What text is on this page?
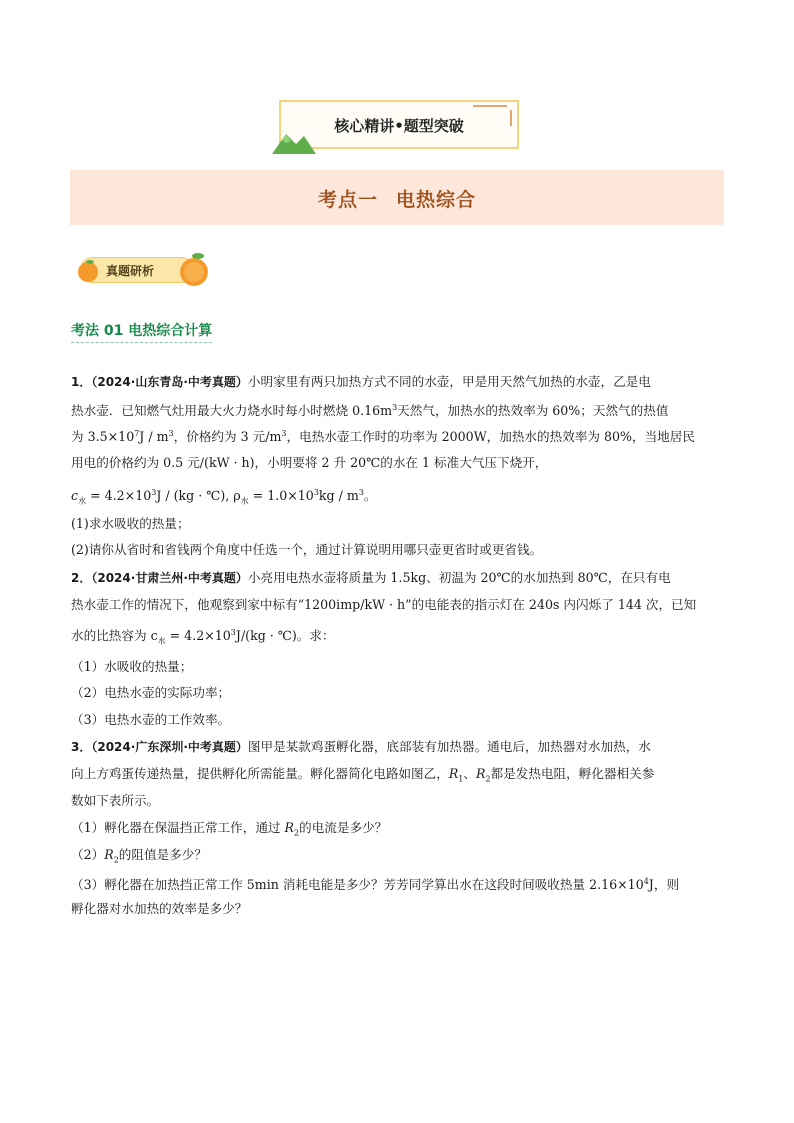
核心精讲•题型突破
考点一 电热综合
真题研析
考法 01 电热综合计算
1．（2024·山东青岛·中考真题）小明家里有两只加热方式不同的水壶，甲是用天然气加热的水壶，乙是电
热水壶．已知燃气灶用最大火力烧水时每小时燃烧 $0.16m^3$天然气，加热水的热效率为 60%；天然气的热值
为 $3.5\times 10^7J / m^3$，价格约为 3 元$/m^3$，电热水壶工作时的功率为 2000W，加热水的热效率为 80%，当地居民
用电的价格约为 0.5 元/(kW · h)，小明要将 2 升 20℃的水在 1 标准大气压下烧开，
$c_水 = 4.2\times 10^3J / (kg$ · ℃), $\rho_水 = 1.0\times 10^3kg / m^3$。
(1)求水吸收的热量；
(2)请你从省时和省钱两个角度中任选一个，通过计算说明用哪只壶更省时或更省钱。
2．（2024·甘肃兰州·中考真题）小亮用电热水壶将质量为 1.5kg、初温为 20℃的水加热到 80℃，在只有电
热水壶工作的情况下，他观察到家中标有“1200imp/kW · h”的电能表的指示灯在 240s 内闪烁了 144 次，已知
水的比热容为 $c_水 = 4.2\times 10^3J/(kg$ · ℃)。求：
（1）水吸收的热量；
（2）电热水壶的实际功率；
（3）电热水壶的工作效率。
3．（2024·广东深圳·中考真题）图甲是某款鸡蛋孵化器，底部装有加热器。通电后，加热器对水加热，水
向上方鸡蛋传递热量，提供孵化所需能量。孵化器简化电路如图乙，$R_1$、$R_2$都是发热电阻，孵化器相关参
数如下表所示。
（1）孵化器在保温挡正常工作，通过 $R_2$的电流是多少？
$(2)R_2$的阻值是多少？
（3）孵化器在加热挡正常工作 5min 消耗电能是多少？芳芳同学算出水在这段时间吸收热量 $2.16\times 10^4J$，则
孵化器对水加热的效率是多少？
